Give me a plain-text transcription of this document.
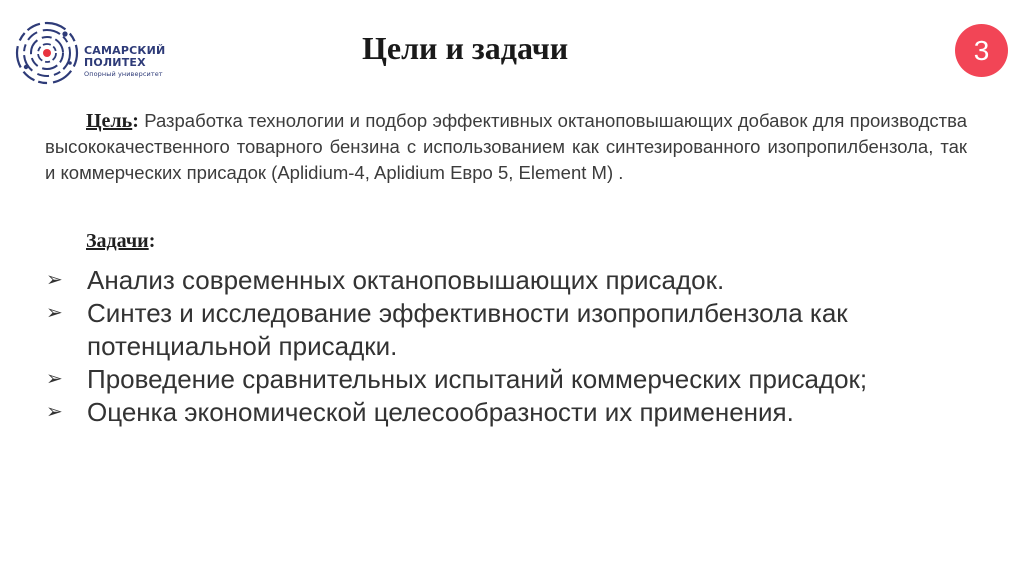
САМАРСКИЙ
ПОЛИТЕХ
Опорный университет
Цели и задачи	3

Цель: Разработка технологии и подбор эффективных октаноповышающих добавок для производства высококачественного товарного бензина с использованием как синтезированного изопропилбензола, так и коммерческих присадок (Aplidium-4, Aplidium Евро 5, Element M) .

Задачи:
➢ Анализ современных октаноповышающих присадок.
➢ Синтез и исследование эффективности изопропилбензола как потенциальной присадки.
➢ Проведение сравнительных испытаний коммерческих присадок;
➢ Оценка экономической целесообразности их применения.
